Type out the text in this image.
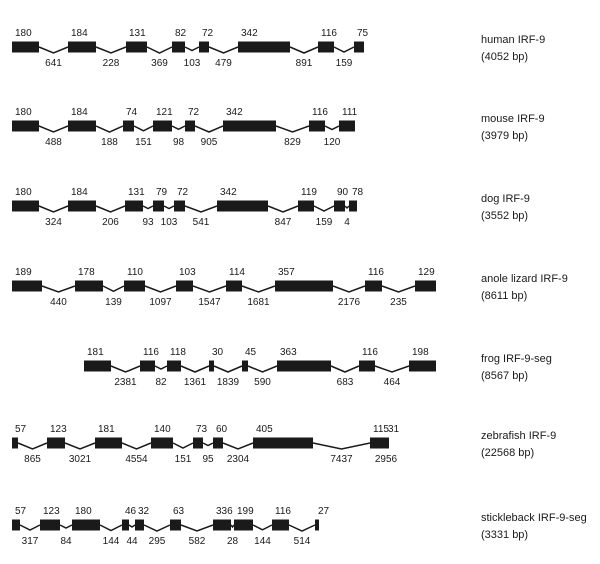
180	184	131	82 72	342	116 75
641	228	369 103 479	891 159
human IRF-9
(4052 bp)
180	184	74 121 72	342	116 111
488	188 151 98 905	829 120
mouse IRF-9
(3979 bp)
180	184	131 79 72	342	119 90 78
324	206 93 103 541	847 159 4
dog IRF-9
(3552 bp)
189	178	110	103	114	357	116	129
440	139	1097	1547	1681	2176	235
anole lizard IRF-9
(8611 bp)
181	116 118	30 45 363	116	198
2381 82 1361 1839 590	683	464
frog IRF-9-seg
(8567 bp)
57 123	181	140	73 60	405	115 31
865	3021	4554	151 95 2304	7437 2956
zebrafish IRF-9
(22568 bp)
57 123 180	46 32 63	336 199 116	27
317 84	144 44 295 582 28 144 514
stickleback IRF-9-seg
(3331 bp)
